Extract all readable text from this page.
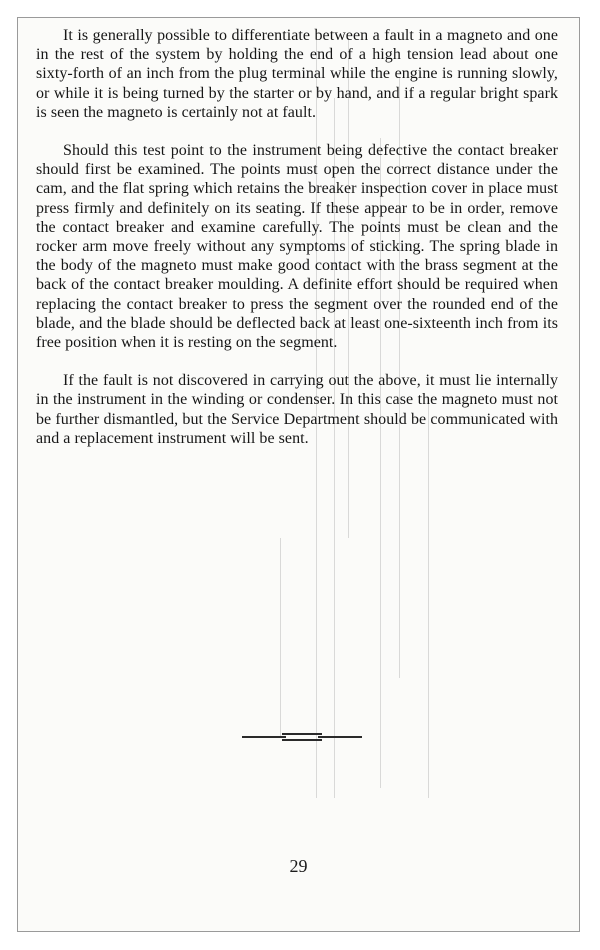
It is generally possible to differentiate between a fault in a magneto and one in the rest of the system by holding the end of a high tension lead about one sixty-forth of an inch from the plug terminal while the engine is running slowly, or while it is being turned by the starter or by hand, and if a regular bright spark is seen the magneto is certainly not at fault.

Should this test point to the instrument being defective the contact breaker should first be examined. The points must open the correct distance under the cam, and the flat spring which retains the breaker inspection cover in place must press firmly and definitely on its seating. If these appear to be in order, remove the contact breaker and examine carefully. The points must be clean and the rocker arm move freely without any symptoms of sticking. The spring blade in the body of the magneto must make good contact with the brass segment at the back of the contact breaker moulding. A definite effort should be required when replacing the contact breaker to press the segment over the rounded end of the blade, and the blade should be deflected back at least one-sixteenth inch from its free position when it is resting on the segment.

If the fault is not discovered in carrying out the above, it must lie internally in the instrument in the winding or condenser. In this case the magneto must not be further dismantled, but the Service Department should be communicated with and a replacement instrument will be sent.

29
